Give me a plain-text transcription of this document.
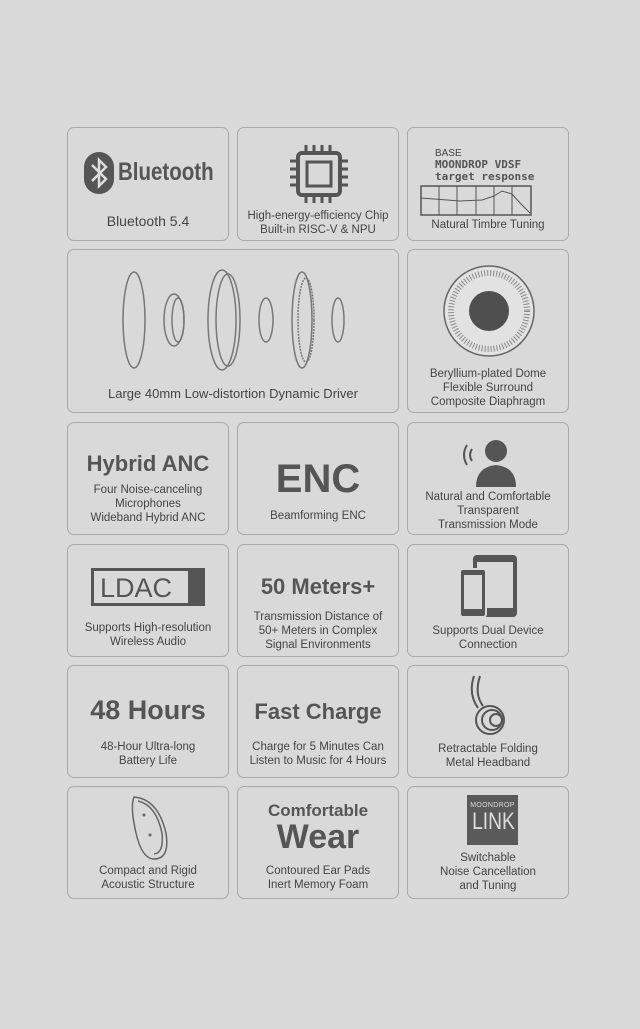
Bluetooth
Bluetooth 5.4	High-energy-efficiency Chip
Built-in RISC-V & NPU
BASE
MOONDROP VDSF
target response
Natural Timbre Tuning
Large 40mm Low-distortion Dynamic Driver
Beryllium-plated Dome
Flexible Surround
Composite Diaphragm
Hybrid ANC
Four Noise-canceling
Microphones
Wideband Hybrid ANC
ENC
Beamforming ENC
Natural and Comfortable
Transparent
Transmission Mode
LDAC
Supports High-resolution
Wireless Audio
50 Meters+
Transmission Distance of
50+ Meters in Complex
Signal Environments
Supports Dual Device
Connection
48 Hours
48-Hour Ultra-long
Battery Life
Fast Charge
Charge for 5 Minutes Can
Listen to Music for 4 Hours
Retractable Folding
Metal Headband
Compact and Rigid
Acoustic Structure
Comfortable
Wear
Contoured Ear Pads
Inert Memory Foam
MOONDROP
LINK
Switchable
Noise Cancellation
and Tuning
